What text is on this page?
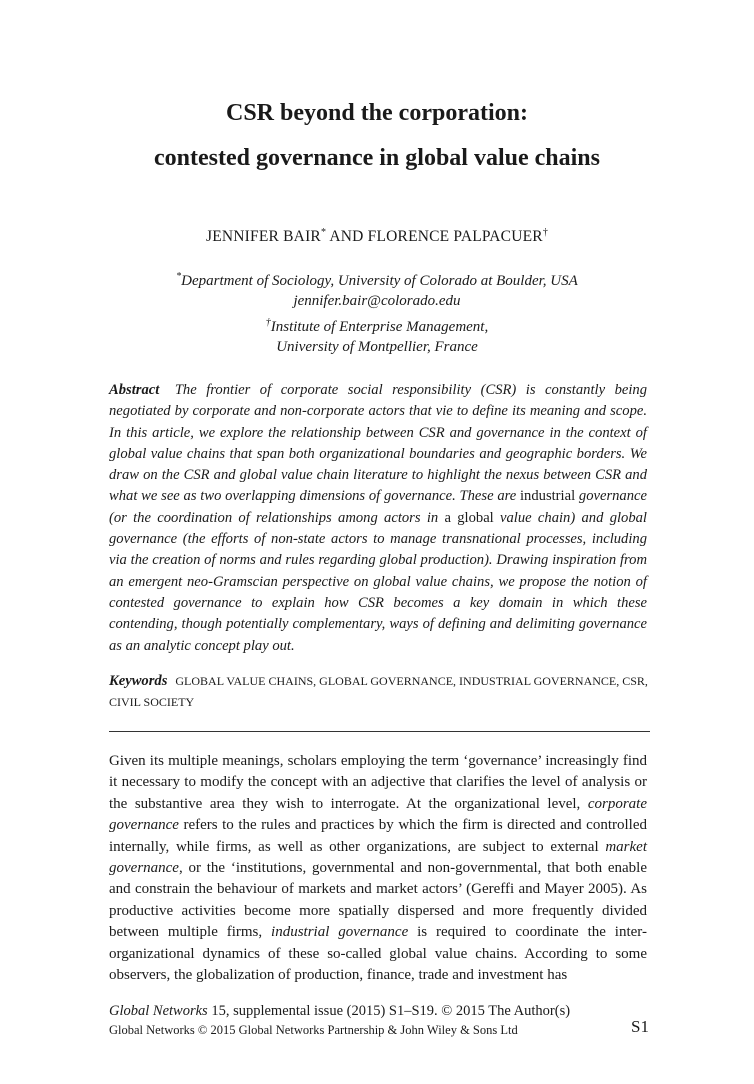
CSR beyond the corporation:
contested governance in global value chains
JENNIFER BAIR* AND FLORENCE PALPACUER†
*Department of Sociology, University of Colorado at Boulder, USA
jennifer.bair@colorado.edu
†Institute of Enterprise Management,
University of Montpellier, France
Abstract The frontier of corporate social responsibility (CSR) is constantly being negotiated by corporate and non-corporate actors that vie to define its meaning and scope. In this article, we explore the relationship between CSR and governance in the context of global value chains that span both organizational boundaries and geographic borders. We draw on the CSR and global value chain literature to highlight the nexus between CSR and what we see as two overlapping dimensions of governance. These are industrial governance (or the coordination of relationships among actors in a global value chain) and global governance (the efforts of non-state actors to manage transnational processes, including via the creation of norms and rules regarding global production). Drawing inspiration from an emergent neo-Gramscian perspective on global value chains, we propose the notion of contested governance to explain how CSR becomes a key domain in which these contending, though potentially complementary, ways of defining and delimiting governance as an analytic concept play out.
Keywords GLOBAL VALUE CHAINS, GLOBAL GOVERNANCE, INDUSTRIAL GOVERNANCE, CSR, CIVIL SOCIETY
Given its multiple meanings, scholars employing the term ‘governance’ increasingly find it necessary to modify the concept with an adjective that clarifies the level of analysis or the substantive area they wish to interrogate. At the organizational level, corporate governance refers to the rules and practices by which the firm is directed and controlled internally, while firms, as well as other organizations, are subject to external market governance, or the ‘institutions, governmental and non-governmental, that both enable and constrain the behaviour of markets and market actors’ (Gereffi and Mayer 2005). As productive activities become more spatially dispersed and more frequently divided between multiple firms, industrial governance is required to coordinate the inter-organizational dynamics of these so-called global value chains. According to some observers, the globalization of production, finance, trade and investment has
Global Networks 15, supplemental issue (2015) S1–S19. © 2015 The Author(s)
Global Networks © 2015 Global Networks Partnership & John Wiley & Sons Ltd	S1
